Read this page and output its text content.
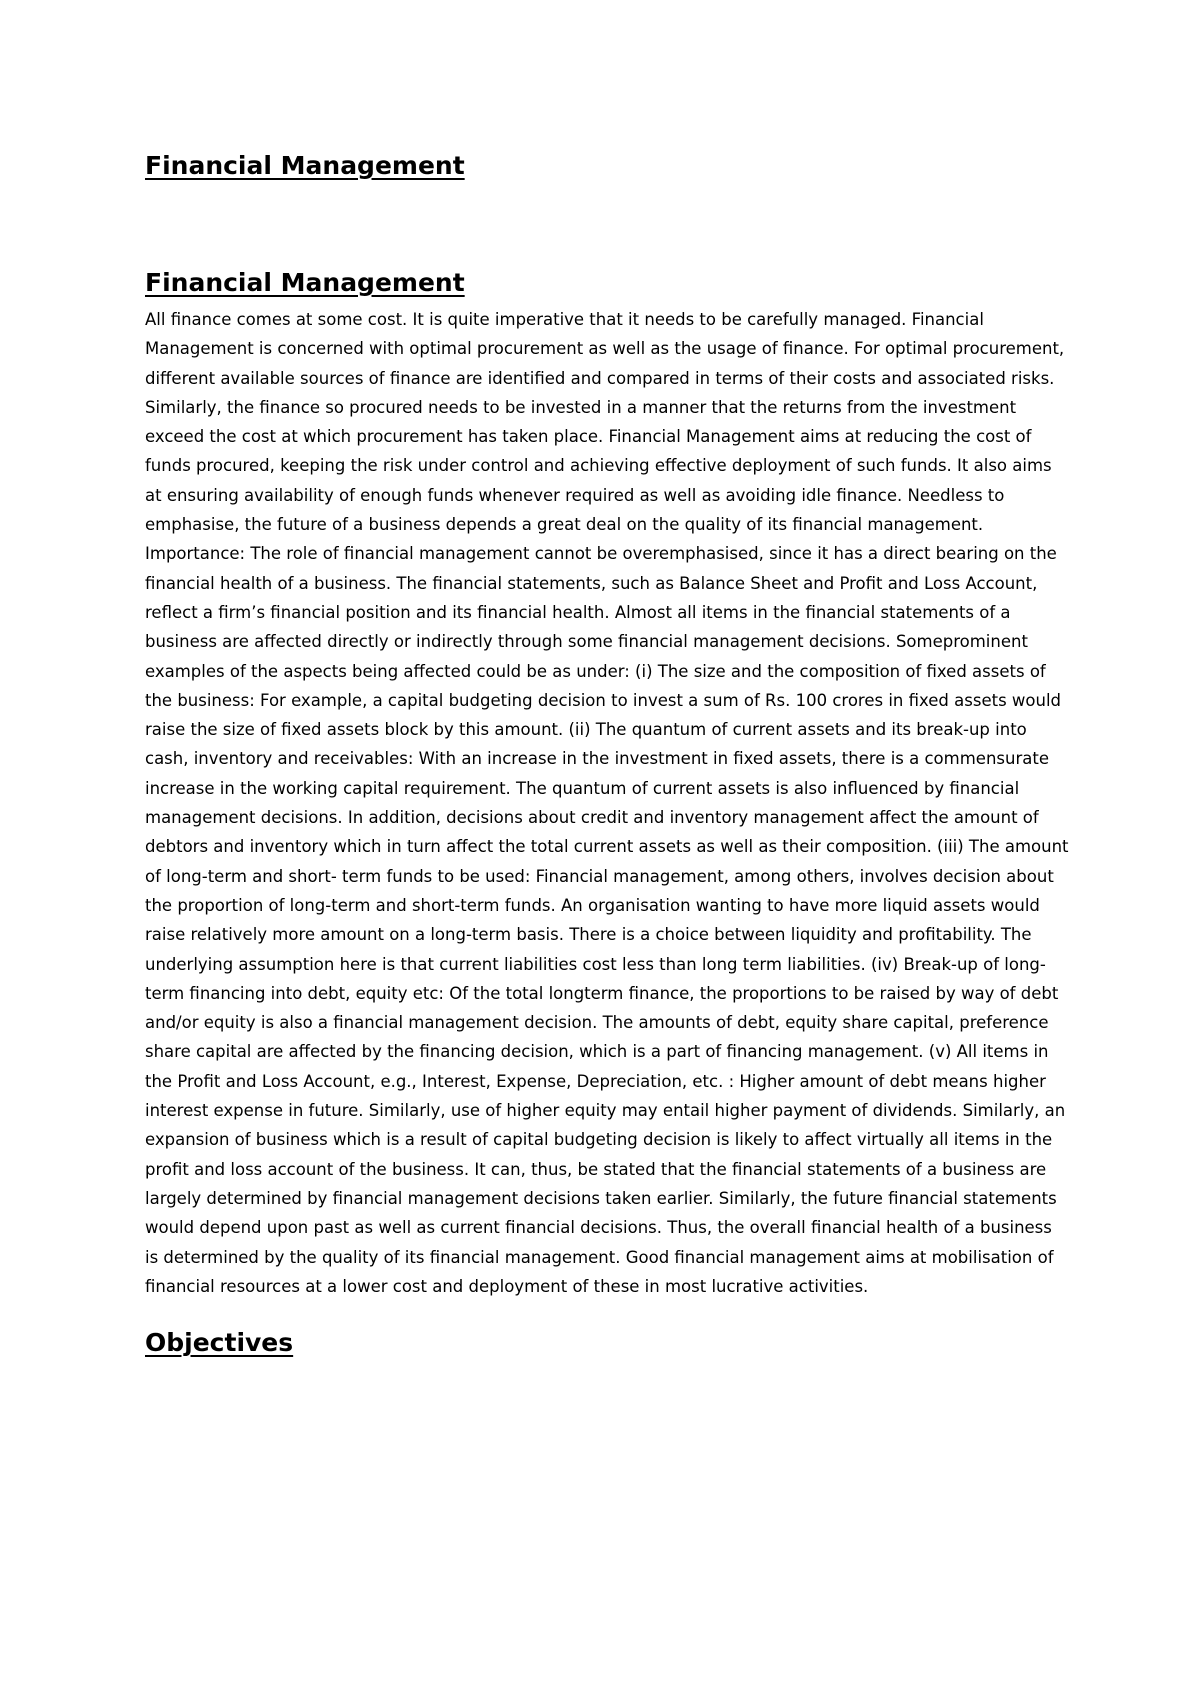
Financial Management
Financial Management

All finance comes at some cost. It is quite imperative that it needs to be carefully managed. Financial Management is concerned with optimal procurement as well as the usage of finance. For optimal procurement, different available sources of finance are identified and compared in terms of their costs and associated risks. Similarly, the finance so procured needs to be invested in a manner that the returns from the investment exceed the cost at which procurement has taken place. Financial Management aims at reducing the cost of funds procured, keeping the risk under control and achieving effective deployment of such funds. It also aims at ensuring availability of enough funds whenever required as well as avoiding idle finance. Needless to emphasise, the future of a business depends a great deal on the quality of its financial management. Importance: The role of financial management cannot be overemphasised, since it has a direct bearing on the financial health of a business. The financial statements, such as Balance Sheet and Profit and Loss Account, reflect a firm’s financial position and its financial health. Almost all items in the financial statements of a business are affected directly or indirectly through some financial management decisions. Someprominent examples of the aspects being affected could be as under: (i) The size and the composition of fixed assets of the business: For example, a capital budgeting decision to invest a sum of Rs. 100 crores in fixed assets would raise the size of fixed assets block by this amount. (ii) The quantum of current assets and its break-up into cash, inventory and receivables: With an increase in the investment in fixed assets, there is a commensurate increase in the working capital requirement. The quantum of current assets is also influenced by financial management decisions. In addition, decisions about credit and inventory management affect the amount of debtors and inventory which in turn affect the total current assets as well as their composition. (iii) The amount of long-term and short- term funds to be used: Financial management, among others, involves decision about the proportion of long-term and short-term funds. An organisation wanting to have more liquid assets would raise relatively more amount on a long-term basis. There is a choice between liquidity and profitability. The underlying assumption here is that current liabilities cost less than long term liabilities. (iv) Break-up of long-term financing into debt, equity etc: Of the total longterm finance, the proportions to be raised by way of debt and/or equity is also a financial management decision. The amounts of debt, equity share capital, preference share capital are affected by the financing decision, which is a part of financing management. (v) All items in the Profit and Loss Account, e.g., Interest, Expense, Depreciation, etc. : Higher amount of debt means higher interest expense in future. Similarly, use of higher equity may entail higher payment of dividends. Similarly, an expansion of business which is a result of capital budgeting decision is likely to affect virtually all items in the profit and loss account of the business. It can, thus, be stated that the financial statements of a business are largely determined by financial management decisions taken earlier. Similarly, the future financial statements would depend upon past as well as current financial decisions. Thus, the overall financial health of a business is determined by the quality of its financial management. Good financial management aims at mobilisation of financial resources at a lower cost and deployment of these in most lucrative activities.

Objectives
